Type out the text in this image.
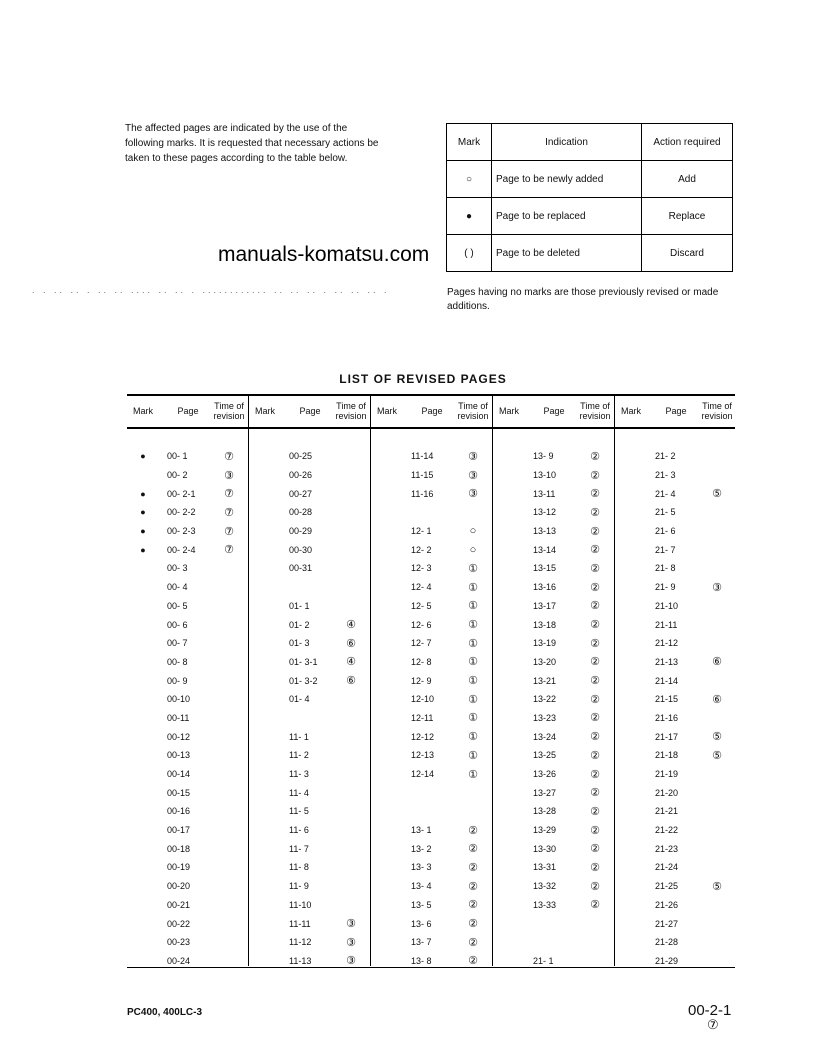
The affected pages are indicated by the use of the
following marks. It is requested that necessary actions be
taken to these pages according to the table below.
Mark	Indication	Action required
○	Page to be newly added	Add
●	Page to be replaced	Replace
( )	Page to be deleted	Discard
manuals-komatsu.com
. . .. .. . .. .. .... .. .. . ............ .. .. .. . .. .. .. .	Pages having no marks are those previously revised or made additions.
LIST OF REVISED PAGES
Mark	Page	Time of revision
●	00- 1	⑦
00- 2	③
●	00- 2-1	⑦
●	00- 2-2	⑦
●	00- 2-3	⑦
●	00- 2-4	⑦
00- 3
00- 4
00- 5
00- 6
00- 7
00- 8
00- 9
00-10
00-11
00-12
00-13
00-14
00-15
00-16
00-17
00-18
00-19
00-20
00-21
00-22
00-23
00-24
Mark	Page	Time of revision
00-25
00-26
00-27
00-28
00-29
00-30
00-31
01- 1
01- 2	④
01- 3	⑥
01- 3-1	④
01- 3-2	⑥
01- 4
11- 1
11- 2
11- 3
11- 4
11- 5
11- 6
11- 7
11- 8
11- 9
11-10
11-11	③
11-12	③
11-13	③
Mark	Page	Time of revision
11-14	③
11-15	③
11-16	③
12- 1	○
12- 2	○
12- 3	①
12- 4	①
12- 5	①
12- 6	①
12- 7	①
12- 8	①
12- 9	①
12-10	①
12-11	①
12-12	①
12-13	①
12-14	①
13- 1	②
13- 2	②
13- 3	②
13- 4	②
13- 5	②
13- 6	②
13- 7	②
13- 8	②
Mark	Page	Time of revision
13- 9	②
13-10	②
13-11	②
13-12	②
13-13	②
13-14	②
13-15	②
13-16	②
13-17	②
13-18	②
13-19	②
13-20	②
13-21	②
13-22	②
13-23	②
13-24	②
13-25	②
13-26	②
13-27	②
13-28	②
13-29	②
13-30	②
13-31	②
13-32	②
13-33	②
21- 1
Mark	Page	Time of revision
21- 2
21- 3
21- 4	⑤
21- 5
21- 6
21- 7
21- 8
21- 9	③
21-10
21-11
21-12
21-13	⑥
21-14
21-15	⑥
21-16
21-17	⑤
21-18	⑤
21-19
21-20
21-21
21-22
21-23
21-24
21-25	⑤
21-26
21-27
21-28
21-29
PC400, 400LC-3	00-2-1
⑦
